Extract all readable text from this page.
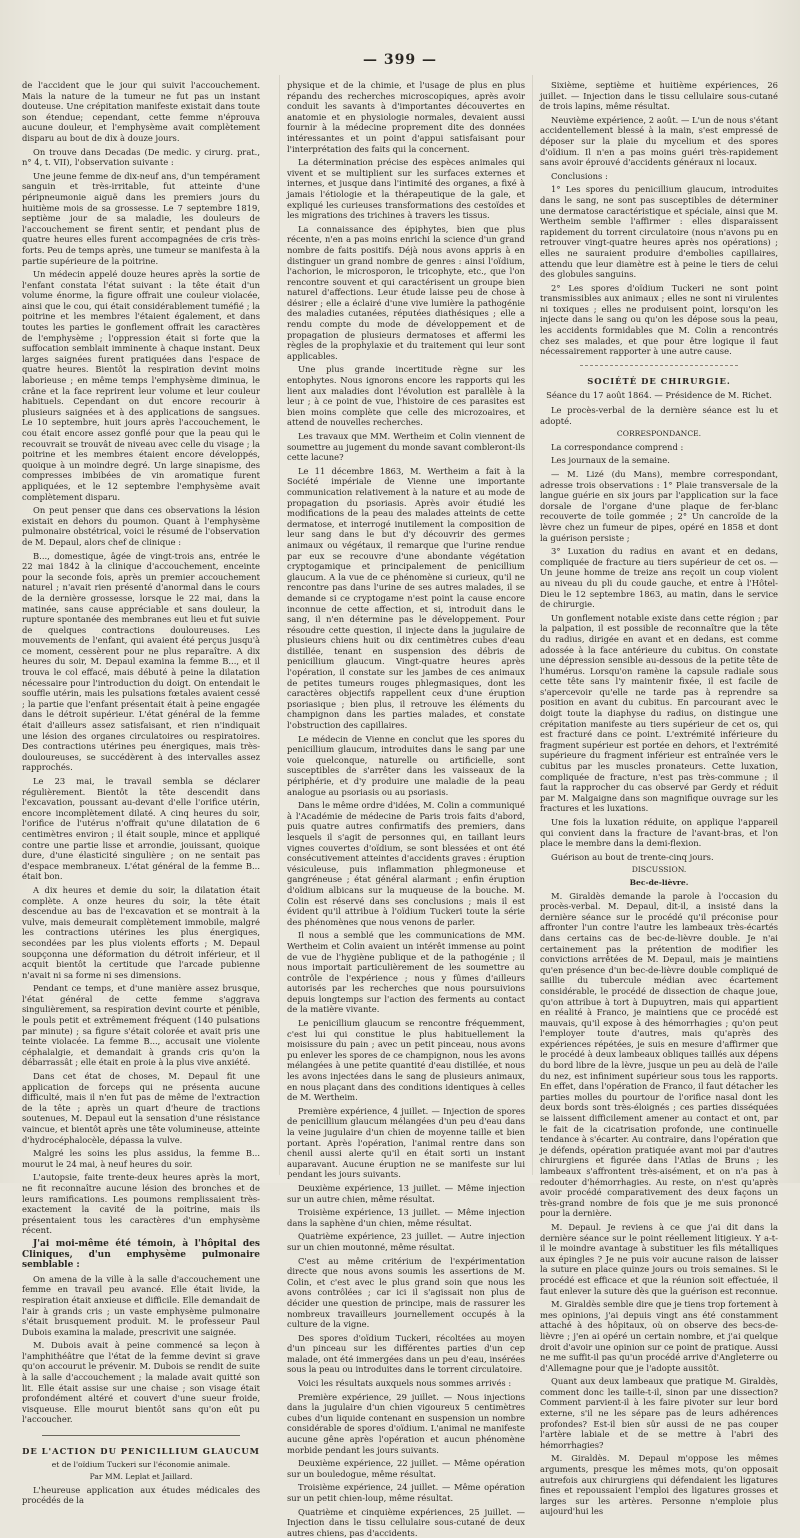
— 399 —

de l'accident que le jour qui suivit l'accouchement. Mais la nature de la tumeur ne fut pas un instant douteuse. Une crépitation manifeste existait dans toute son étendue; cependant, cette femme n'éprouva aucune douleur, et l'emphysème avait complètement disparu au bout de dix à douze jours.

On trouve dans Decadas (De medic. y cirurg. prat., n° 4, t. VII), l'observation suivante :

Une jeune femme de dix-neuf ans, d'un tempérament sanguin et très-irritable, fut atteinte d'une péripneumonie aiguë dans les premiers jours du huitième mois de sa grossesse. Le 7 septembre 1819, septième jour de sa maladie, les douleurs de l'accouchement se firent sentir, et pendant plus de quatre heures elles furent accompagnées de cris très-forts. Peu de temps après, une tumeur se manifesta à la partie supérieure de la poitrine.

Un médecin appelé douze heures après la sortie de l'enfant constata l'état suivant : la tête était d'un volume énorme, la figure offrait une couleur violacée, ainsi que le cou, qui était considérablement tuméfié ; la poitrine et les membres l'étaient également, et dans toutes les parties le gonflement offrait les caractères de l'emphysème ; l'oppression était si forte que la suffocation semblait imminente à chaque instant. Deux larges saignées furent pratiquées dans l'espace de quatre heures. Bientôt la respiration devint moins laborieuse ; en même temps l'emphysème diminua, le crâne et la face reprirent leur volume et leur couleur habituels. Cependant on dut encore recourir à plusieurs saignées et à des applications de sangsues. Le 10 septembre, huit jours après l'accouchement, le cou était encore assez gonflé pour que la peau qui le recouvrait se trouvât de niveau avec celle du visage ; la poitrine et les membres étaient encore développés, quoique à un moindre degré. Un large sinapisme, des compresses imbibées de vin aromatique furent appliquées, et le 12 septembre l'emphysème avait complètement disparu.

On peut penser que dans ces observations la lésion existait en dehors du poumon. Quant à l'emphysème pulmonaire obstétrical, voici le résumé de l'observation de M. Depaul, alors chef de clinique :

B..., domestique, âgée de vingt-trois ans, entrée le 22 mai 1842 à la clinique d'accouchement, enceinte pour la seconde fois, après un premier accouchement naturel ; n'avait rien présenté d'anormal dans le cours de la dernière grossesse, lorsque le 22 mai, dans la matinée, sans cause appréciable et sans douleur, la rupture spontanée des membranes eut lieu et fut suivie de quelques contractions douloureuses. Les mouvements de l'enfant, qui avaient été perçus jusqu'à ce moment, cessèrent pour ne plus reparaître. A dix heures du soir, M. Depaul examina la femme B..., et il trouva le col effacé, mais débuté à peine la dilatation nécessaire pour l'introduction du doigt. On entendait le souffle utérin, mais les pulsations fœtales avaient cessé ; la partie que l'enfant présentait était à peine engagée dans le détroit supérieur. L'état général de la femme était d'ailleurs assez satisfaisant, et rien n'indiquait une lésion des organes circulatoires ou respiratoires. Des contractions utérines peu énergiques, mais très-douloureuses, se succédèrent à des intervalles assez rapprochés.

Le 23 mai, le travail sembla se déclarer régulièrement. Bientôt la tête descendit dans l'excavation, poussant au-devant d'elle l'orifice utérin, encore incomplètement dilaté. A cinq heures du soir, l'orifice de l'utérus n'offrait qu'une dilatation de 6 centimètres environ ; il était souple, mince et appliqué contre une partie lisse et arrondie, jouissant, quoique dure, d'une élasticité singulière ; on ne sentait pas d'espace membraneux. L'état général de la femme B... était bon.

A dix heures et demie du soir, la dilatation était complète. A onze heures du soir, la tête était descendue au bas de l'excavation et se montrait à la vulve, mais demeurait complètement immobile, malgré les contractions utérines les plus énergiques, secondées par les plus violents efforts ; M. Depaul soupçonna une déformation du détroit inférieur, et il acquit bientôt la certitude que l'arcade pubienne n'avait ni sa forme ni ses dimensions.

Pendant ce temps, et d'une manière assez brusque, l'état général de cette femme s'aggrava singulièrement, sa respiration devint courte et pénible, le pouls petit et extrêmement fréquent (140 pulsations par minute) ; sa figure s'était colorée et avait pris une teinte violacée. La femme B..., accusait une violente céphalalgie, et demandait à grands cris qu'on la débarrassât ; elle était en proie à la plus vive anxiété.

Dans cet état de choses, M. Depaul fit une application de forceps qui ne présenta aucune difficulté, mais il n'en fut pas de même de l'extraction de la tête ; après un quart d'heure de tractions soutenues, M. Depaul eut la sensation d'une résistance vaincue, et bientôt après une tête volumineuse, atteinte d'hydrocéphalocèle, dépassa la vulve.

Malgré les soins les plus assidus, la femme B... mourut le 24 mai, à neuf heures du soir.

L'autopsie, faite trente-deux heures après la mort, ne fit reconnaître aucune lésion des bronches et de leurs ramifications. Les poumons remplissaient très-exactement la cavité de la poitrine, mais ils présentaient tous les caractères d'un emphysème récent.

J'ai moi-même été témoin, à l'hôpital des Cliniques, d'un emphysème pulmonaire semblable :

On amena de la ville à la salle d'accouchement une femme en travail peu avancé. Elle était livide, la respiration était anxieuse et difficile. Elle demandait de l'air à grands cris ; un vaste emphysème pulmonaire s'était brusquement produit. M. le professeur Paul Dubois examina la malade, prescrivit une saignée.

M. Dubois avait à peine commencé sa leçon à l'amphithéâtre que l'état de la femme devint si grave qu'on accourut le prévenir. M. Dubois se rendit de suite à la salle d'accouchement ; la malade avait quitté son lit. Elle était assise sur une chaise ; son visage était profondément altéré et couvert d'une sueur froide, visqueuse. Elle mourut bientôt sans qu'on eût pu l'accoucher.

DE L'ACTION DU PENICILLIUM GLAUCUM
et de l'oïdium Tuckeri sur l'économie animale.
Par MM. Leplat et Jaillard.

L'heureuse application aux études médicales des procédés de la

physique et de la chimie, et l'usage de plus en plus répandu des recherches microscopiques, après avoir conduit les savants à d'importantes découvertes en anatomie et en physiologie normales, devaient aussi fournir à la médecine proprement dite des données intéressantes et un point d'appui satisfaisant pour l'interprétation des faits qui la concernent.

La détermination précise des espèces animales qui vivent et se multiplient sur les surfaces externes et internes, et jusque dans l'intimité des organes, a fixé à jamais l'étiologie et la thérapeutique de la gale, et expliqué les curieuses transformations des cestoïdes et les migrations des trichines à travers les tissus.

La connaissance des épiphytes, bien que plus récente, n'en a pas moins enrichi la science d'un grand nombre de faits positifs. Déjà nous avons appris à en distinguer un grand nombre de genres : ainsi l'oïdium, l'achorion, le microsporon, le tricophyte, etc., que l'on rencontre souvent et qui caractérisent un groupe bien naturel d'affections. Leur étude laisse peu de chose à désirer ; elle a éclairé d'une vive lumière la pathogénie des maladies cutanées, réputées diathésiques ; elle a rendu compte du mode de développement et de propagation de plusieurs dermatoses et affermi les règles de la prophylaxie et du traitement qui leur sont applicables.

Une plus grande incertitude règne sur les entophytes. Nous ignorons encore les rapports qui les lient aux maladies dont l'évolution est parallèle à la leur ; à ce point de vue, l'histoire de ces parasites est bien moins complète que celle des microzoaires, et attend de nouvelles recherches.

Les travaux que MM. Wertheim et Colin viennent de soumettre au jugement du monde savant combleront-ils cette lacune?

Le 11 décembre 1863, M. Wertheim a fait à la Société impériale de Vienne une importante communication relativement à la nature et au mode de propagation du psoriasis. Après avoir étudié les modifications de la peau des malades atteints de cette dermatose, et interrogé inutilement la composition de leur sang dans le but d'y découvrir des germes animaux ou végétaux, il remarque que l'urine rendue par eux se recouvre d'une abondante végétation cryptogamique et principalement de penicillium glaucum. A la vue de ce phénomène si curieux, qu'il ne rencontre pas dans l'urine de ses autres malades, il se demande si ce cryptogame n'est point la cause encore inconnue de cette affection, et si, introduit dans le sang, il n'en détermine pas le développement. Pour résoudre cette question, il injecte dans la jugulaire de plusieurs chiens huit ou dix centimètres cubes d'eau distillée, tenant en suspension des débris de penicillium glaucum. Vingt-quatre heures après l'opération, il constate sur les jambes de ces animaux de petites tumeurs rouges phlegmasiques, dont les caractères objectifs rappellent ceux d'une éruption psoriasique ; bien plus, il retrouve les éléments du champignon dans les parties malades, et constate l'obstruction des capillaires.

Le médecin de Vienne en conclut que les spores du penicillium glaucum, introduites dans le sang par une voie quelconque, naturelle ou artificielle, sont susceptibles de s'arrêter dans les vaisseaux de la périphérie, et d'y produire une maladie de la peau analogue au psoriasis ou au psoriasis.

Dans le même ordre d'idées, M. Colin a communiqué à l'Académie de médecine de Paris trois faits d'abord, puis quatre autres confirmatifs des premiers, dans lesquels il s'agit de personnes qui, en taillant leurs vignes couvertes d'oïdium, se sont blessées et ont été consécutivement atteintes d'accidents graves : éruption vésiculeuse, puis inflammation phlegmoneuse et gangréneuse ; état général alarmant ; enfin éruption d'oïdium albicans sur la muqueuse de la bouche. M. Colin est réservé dans ses conclusions ; mais il est évident qu'il attribue à l'oïdium Tuckeri toute la série des phénomènes que nous venons de parler.

Il nous a semblé que les communications de MM. Wertheim et Colin avaient un intérêt immense au point de vue de l'hygiène publique et de la pathogénie ; il nous importait particulièrement de les soumettre au contrôle de l'expérience ; nous y fûmes d'ailleurs autorisés par les recherches que nous poursuivions depuis longtemps sur l'action des ferments au contact de la matière vivante.

Le penicillium glaucum se rencontre fréquemment, c'est lui qui constitue le plus habituellement la moisissure du pain ; avec un petit pinceau, nous avons pu enlever les spores de ce champignon, nous les avons mélangées à une petite quantité d'eau distillée, et nous les avons injectées dans le sang de plusieurs animaux, en nous plaçant dans des conditions identiques à celles de M. Wertheim.

Première expérience, 4 juillet. — Injection de spores de penicillium glaucum mélangées d'un peu d'eau dans la veine jugulaire d'un chien de moyenne taille et bien portant. Après l'opération, l'animal rentre dans son chenil aussi alerte qu'il en était sorti un instant auparavant. Aucune éruption ne se manifeste sur lui pendant les jours suivants.

Deuxième expérience, 13 juillet. — Même injection sur un autre chien, même résultat.

Troisième expérience, 13 juillet. — Même injection dans la saphène d'un chien, même résultat.

Quatrième expérience, 23 juillet. — Autre injection sur un chien moutonné, même résultat.

C'est au même critérium de l'expérimentation directe que nous avons soumis les assertions de M. Colin, et c'est avec le plus grand soin que nous les avons contrôlées ; car ici il s'agissait non plus de décider une question de principe, mais de rassurer les nombreux travailleurs journellement occupés à la culture de la vigne.

Des spores d'oïdium Tuckeri, récoltées au moyen d'un pinceau sur les différentes parties d'un cep malade, ont été immergées dans un peu d'eau, insérées sous la peau ou introduites dans le torrent circulatoire.

Voici les résultats auxquels nous sommes arrivés :

Première expérience, 29 juillet. — Nous injections dans la jugulaire d'un chien vigoureux 5 centimètres cubes d'un liquide contenant en suspension un nombre considérable de spores d'oïdium. L'animal ne manifeste aucune gêne après l'opération et aucun phénomène morbide pendant les jours suivants.

Deuxième expérience, 22 juillet. — Même opération sur un bouledogue, même résultat.

Troisième expérience, 24 juillet. — Même opération sur un petit chien-loup, même résultat.

Quatrième et cinquième expériences, 25 juillet. — Injection dans le tissu cellulaire sous-cutané de deux autres chiens, pas d'accidents.

Sixième, septième et huitième expériences, 26 juillet. — Injection dans le tissu cellulaire sous-cutané de trois lapins, même résultat.

Neuvième expérience, 2 août. — L'un de nous s'étant accidentellement blessé à la main, s'est empressé de déposer sur la plaie du mycelium et des spores d'oïdium. Il n'en a pas moins guéri très-rapidement sans avoir éprouvé d'accidents généraux ni locaux.

Conclusions :

1° Les spores du penicillium glaucum, introduites dans le sang, ne sont pas susceptibles de déterminer une dermatose caractéristique et spéciale, ainsi que M. Wertheim semble l'affirmer : elles disparaissent rapidement du torrent circulatoire (nous n'avons pu en retrouver vingt-quatre heures après nos opérations) ; elles ne sauraient produire d'embolies capillaires, attendu que leur diamètre est à peine le tiers de celui des globules sanguins.

2° Les spores d'oïdium Tuckeri ne sont point transmissibles aux animaux ; elles ne sont ni virulentes ni toxiques ; elles ne produisent point, lorsqu'on les injecte dans le sang ou qu'on les dépose sous la peau, les accidents formidables que M. Colin a rencontrés chez ses malades, et que pour être logique il faut nécessairement rapporter à une autre cause.

SOCIÉTÉ DE CHIRURGIE.
Séance du 17 août 1864. — Présidence de M. Richet.

Le procès-verbal de la dernière séance est lu et adopté.

CORRESPONDANCE.

La correspondance comprend :

Les journaux de la semaine.

— M. Lizé (du Mans), membre correspondant, adresse trois observations : 1° Plaie transversale de la langue guérie en six jours par l'application sur la face dorsale de l'organe d'une plaque de fer-blanc recouverte de toile gommée ; 2° Un cancroïde de la lèvre chez un fumeur de pipes, opéré en 1858 et dont la guérison persiste ;

3° Luxation du radius en avant et en dedans, compliquée de fracture au tiers supérieur de cet os. — Un jeune homme de treize ans reçoit un coup violent au niveau du pli du coude gauche, et entre à l'Hôtel-Dieu le 12 septembre 1863, au matin, dans le service de chirurgie.

Un gonflement notable existe dans cette région ; par la palpation, il est possible de reconnaître que la tête du radius, dirigée en avant et en dedans, est comme adossée à la face antérieure du cubitus. On constate une dépression sensible au-dessous de la petite tête de l'humérus. Lorsqu'on ramène la capsule radiale sous cette tête sans l'y maintenir fixée, il est facile de s'apercevoir qu'elle ne tarde pas à reprendre sa position en avant du cubitus. En parcourant avec le doigt toute la diaphyse du radius, on distingue une crépitation manifeste au tiers supérieur de cet os, qui est fracturé dans ce point. L'extrémité inférieure du fragment supérieur est portée en dehors, et l'extrémité supérieure du fragment inférieur est entraînée vers le cubitus par les muscles pronateurs. Cette luxation, compliquée de fracture, n'est pas très-commune ; il faut la rapprocher du cas observé par Gerdy et réduit par M. Malgaigne dans son magnifique ouvrage sur les fractures et les luxations.

Une fois la luxation réduite, on applique l'appareil qui convient dans la fracture de l'avant-bras, et l'on place le membre dans la demi-flexion.

Guérison au bout de trente-cinq jours.

DISCUSSION.
Bec-de-lièvre.

M. Giraldès demande la parole à l'occasion du procès-verbal. M. Depaul, dit-il, a insisté dans la dernière séance sur le procédé qu'il préconise pour affronter l'un contre l'autre les lambeaux très-écartés dans certains cas de bec-de-lièvre double. Je n'ai certainement pas la prétention de modifier les convictions arrêtées de M. Depaul, mais je maintiens qu'en présence d'un bec-de-lièvre double compliqué de saillie du tubercule médian avec écartement considérable, le procédé de dissection de chaque joue, qu'on attribue à tort à Dupuytren, mais qui appartient en réalité à Franco, je maintiens que ce procédé est mauvais, qu'il expose à des hémorrhagies ; qu'on peut l'employer toute d'autres, mais qu'après des expériences répétées, je suis en mesure d'affirmer que le procédé à deux lambeaux obliques taillés aux dépens du bord libre de la lèvre, jusque un peu au delà de l'aile du nez, est infiniment supérieur sous tous les rapports. En effet, dans l'opération de Franco, il faut détacher les parties molles du pourtour de l'orifice nasal dont les deux bords sont très-éloignés ; ces parties disséquées se laissent difficilement amener au contact et ont, par le fait de la cicatrisation profonde, une continuelle tendance à s'écarter. Au contraire, dans l'opération que je défends, opération pratiquée avant moi par d'autres chirurgiens et figurée dans l'Atlas de Bruns ; les lambeaux s'affrontent très-aisément, et on n'a pas à redouter d'hémorrhagies. Au reste, on n'est qu'après avoir procédé comparativement des deux façons un très-grand nombre de fois que je me suis prononcé pour la dernière.

M. Depaul. Je reviens à ce que j'ai dit dans la dernière séance sur le point réellement litigieux. Y a-t-il le moindre avantage à substituer les fils métalliques aux épingles ? Je ne puis voir aucune raison de laisser la suture en place quinze jours ou trois semaines. Si le procédé est efficace et que la réunion soit effectuée, il faut enlever la suture dès que la guérison est reconnue.

M. Giraldès semble dire que je tiens trop fortement à mes opinions, j'ai depuis vingt ans été constamment attaché à des hôpitaux, où on observe des becs-de-lièvre ; j'en ai opéré un certain nombre, et j'ai quelque droit d'avoir une opinion sur ce point de pratique. Aussi ne me suffit-il pas qu'un procédé arrive d'Angleterre ou d'Allemagne pour que je l'adopte aussitôt.

Quant aux deux lambeaux que pratique M. Giraldès, comment donc les taille-t-il, sinon par une dissection? Comment parvient-il à les faire pivoter sur leur bord externe, s'il ne les sépare pas de leurs adhérences profondes? Est-il bien sûr aussi de ne pas couper l'artère labiale et de se mettre à l'abri des hémorrhagies?

M. Giraldès. M. Depaul m'oppose les mêmes arguments, presque les mêmes mots, qu'on opposait autrefois aux chirurgiens qui défendaient les ligatures fines et repoussaient l'emploi des ligatures grosses et larges sur les artères. Personne n'emploie plus aujourd'hui les
